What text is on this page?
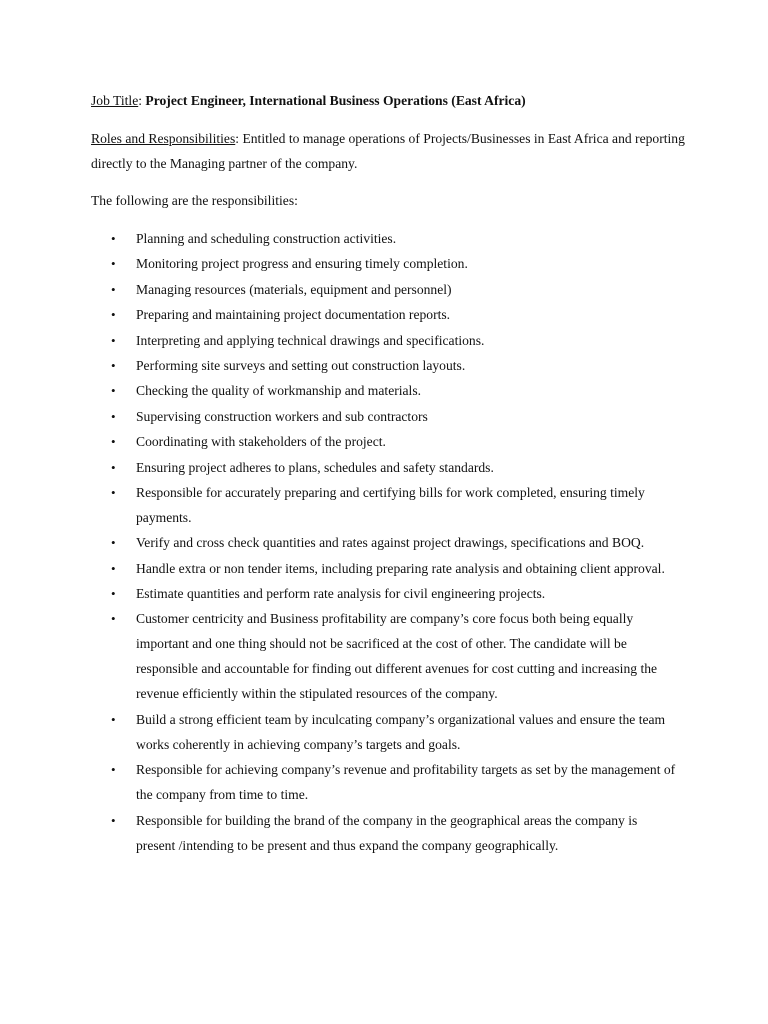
Job Title: Project Engineer, International Business Operations (East Africa)

Roles and Responsibilities: Entitled to manage operations of Projects/Businesses in East Africa and reporting directly to the Managing partner of the company.

The following are the responsibilities:

•	Planning and scheduling construction activities.
•	Monitoring project progress and ensuring timely completion.
•	Managing resources (materials, equipment and personnel)
•	Preparing and maintaining project documentation reports.
•	Interpreting and applying technical drawings and specifications.
•	Performing site surveys and setting out construction layouts.
•	Checking the quality of workmanship and materials.
•	Supervising construction workers and sub contractors
•	Coordinating with stakeholders of the project.
•	Ensuring project adheres to plans, schedules and safety standards.
•	Responsible for accurately preparing and certifying bills for work completed, ensuring timely payments.
•	Verify and cross check quantities and rates against project drawings, specifications and BOQ.
•	Handle extra or non tender items, including preparing rate analysis and obtaining client approval.
•	Estimate quantities and perform rate analysis for civil engineering projects.
•	Customer centricity and Business profitability are company’s core focus both being equally important and one thing should not be sacrificed at the cost of other. The candidate will be responsible and accountable for finding out different avenues for cost cutting and increasing the revenue efficiently within the stipulated resources of the company.
•	Build a strong efficient team by inculcating company’s organizational values and ensure the team works coherently in achieving company’s targets and goals.
•	Responsible for achieving company’s revenue and profitability targets as set by the management of the company from time to time.
•	Responsible for building the brand of the company in the geographical areas the company is present /intending to be present and thus expand the company geographically.
